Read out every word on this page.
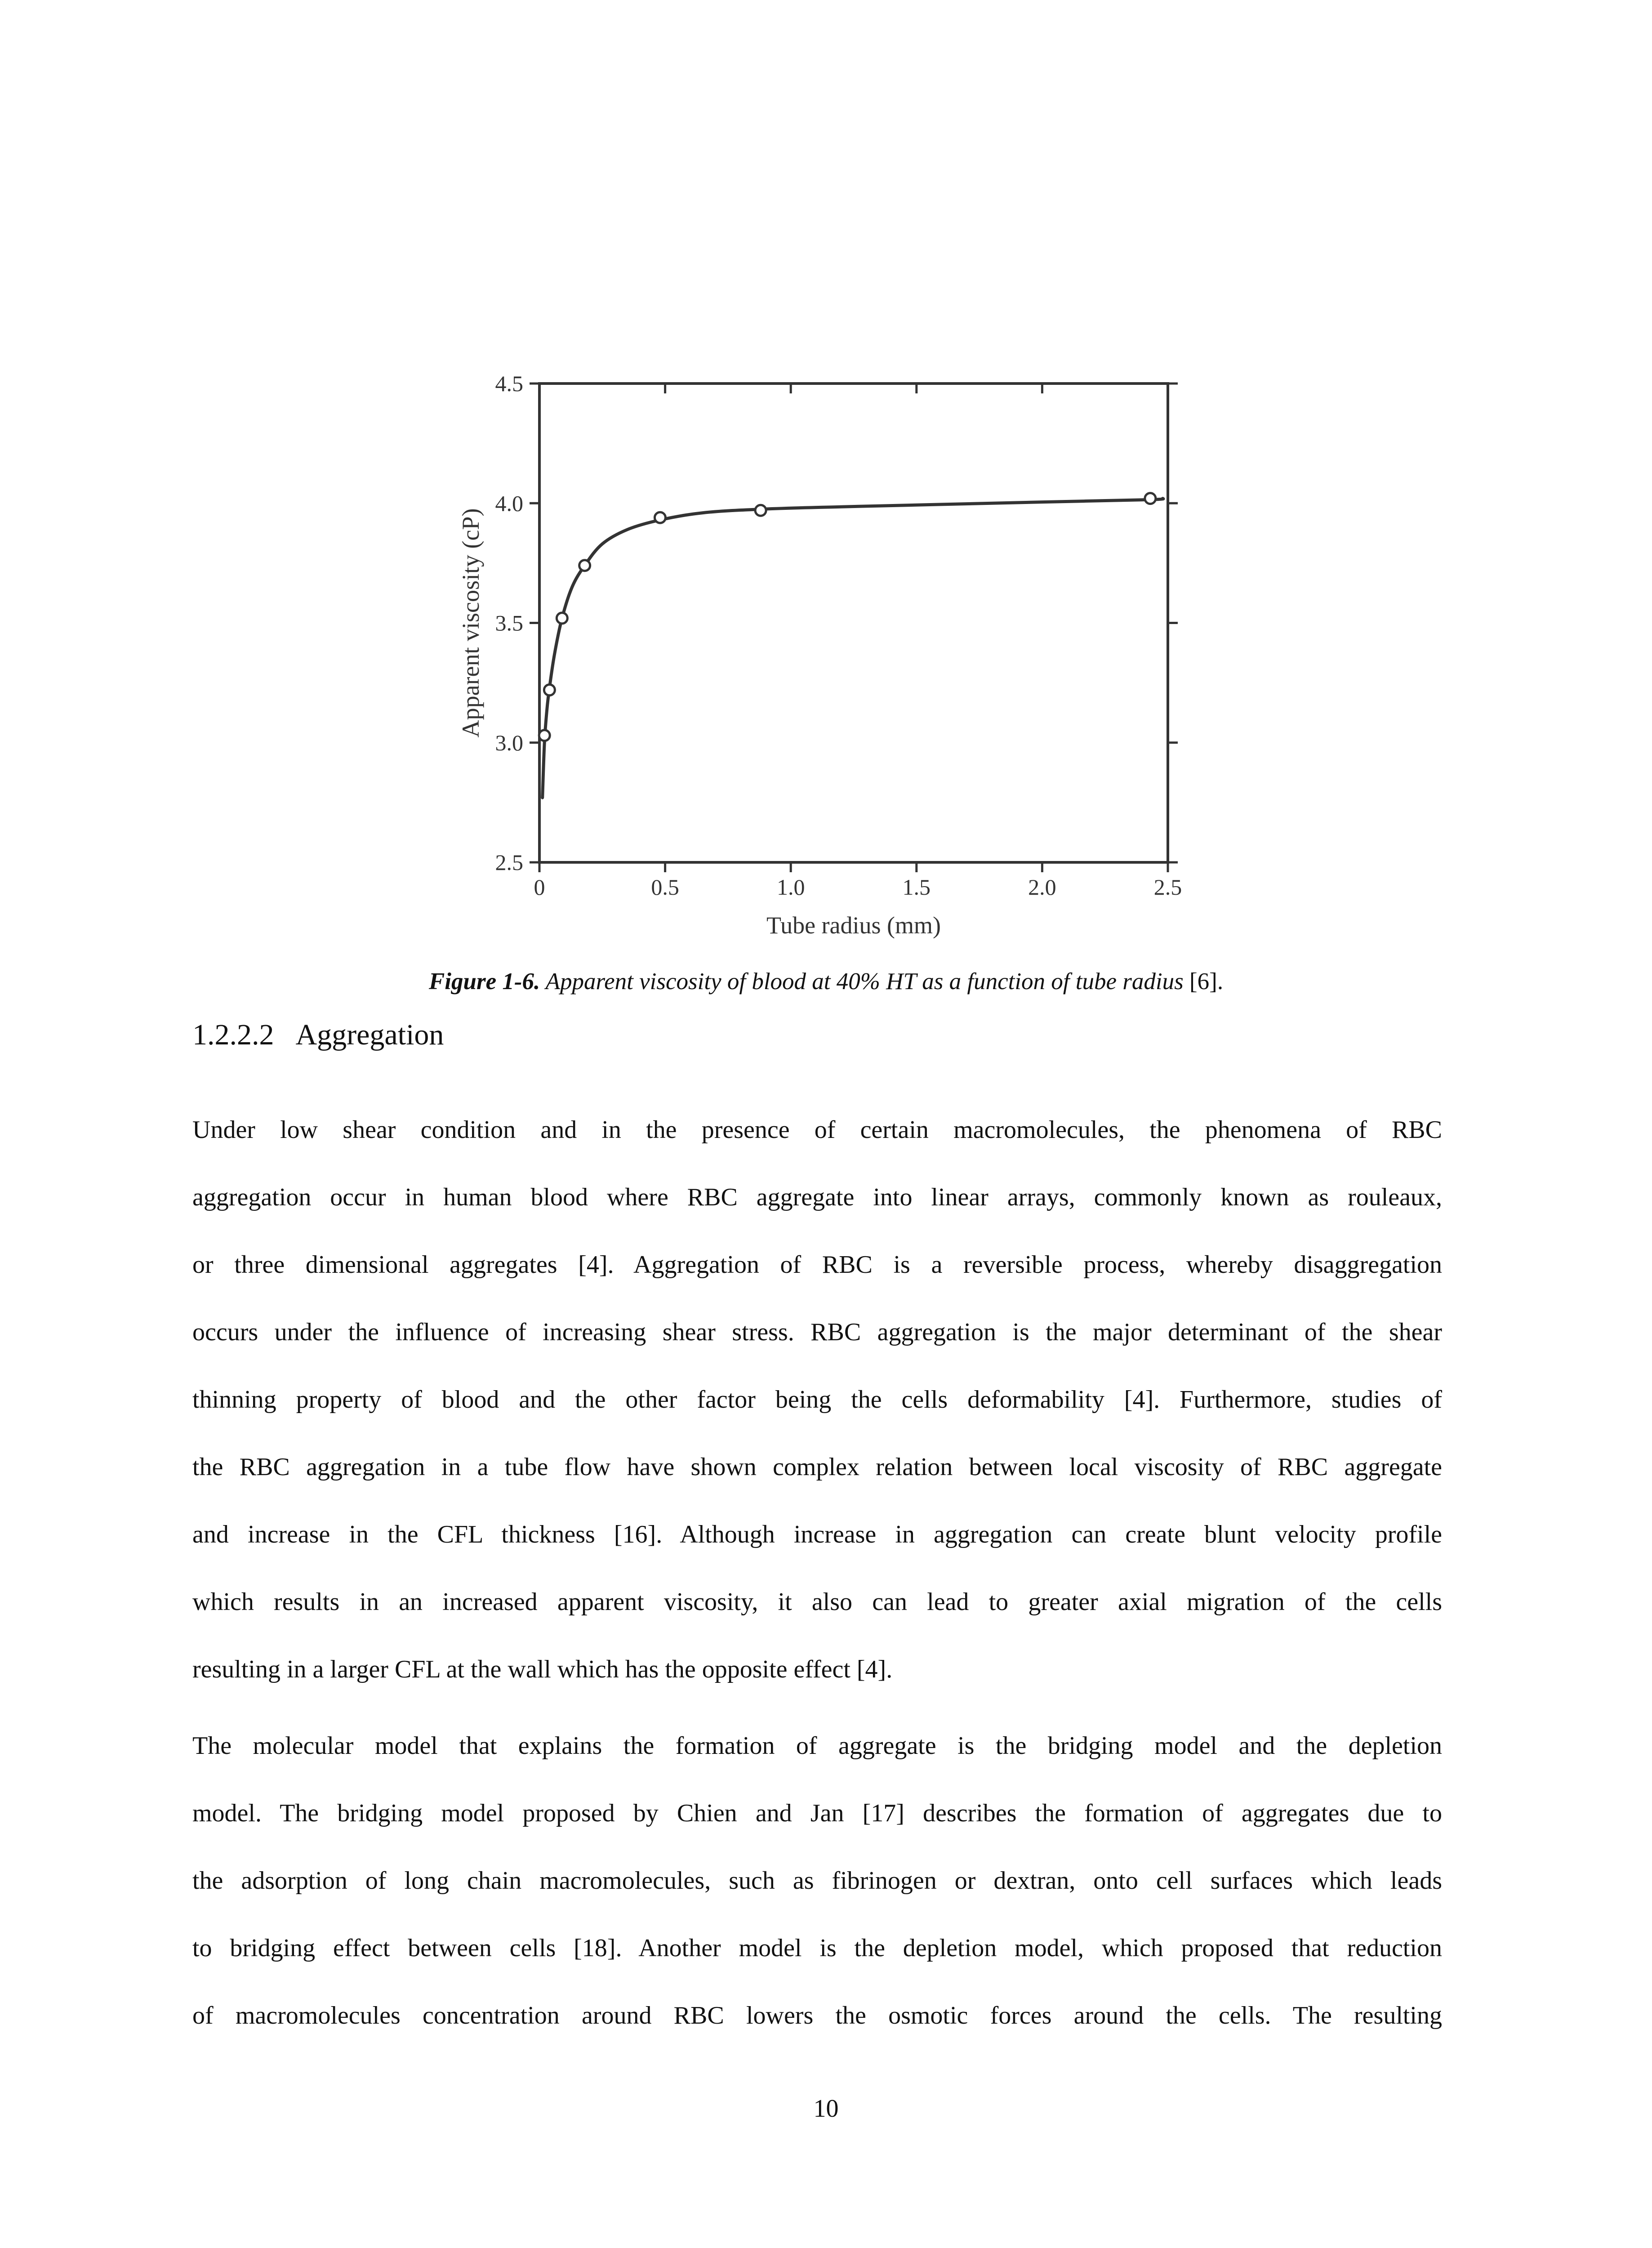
0	0.5	1.0	1.5	2.0	2.5
2.5
3.0
3.5
4.0
4.5
Tube radius (mm)
Apparent viscosity (cP)
Figure 1-6. Apparent viscosity of blood at 40% HT as a function of tube radius [6].
1.2.2.2 Aggregation
Under low shear condition and in the presence of certain macromolecules, the phenomena of RBC
aggregation occur in human blood where RBC aggregate into linear arrays, commonly known as rouleaux,
or three dimensional aggregates [4]. Aggregation of RBC is a reversible process, whereby disaggregation
occurs under the influence of increasing shear stress. RBC aggregation is the major determinant of the shear
thinning property of blood and the other factor being the cells deformability [4]. Furthermore, studies of
the RBC aggregation in a tube flow have shown complex relation between local viscosity of RBC aggregate
and increase in the CFL thickness [16]. Although increase in aggregation can create blunt velocity profile
which results in an increased apparent viscosity, it also can lead to greater axial migration of the cells
resulting in a larger CFL at the wall which has the opposite effect [4].
The molecular model that explains the formation of aggregate is the bridging model and the depletion
model. The bridging model proposed by Chien and Jan [17] describes the formation of aggregates due to
the adsorption of long chain macromolecules, such as fibrinogen or dextran, onto cell surfaces which leads
to bridging effect between cells [18]. Another model is the depletion model, which proposed that reduction
of macromolecules concentration around RBC lowers the osmotic forces around the cells. The resulting
10
